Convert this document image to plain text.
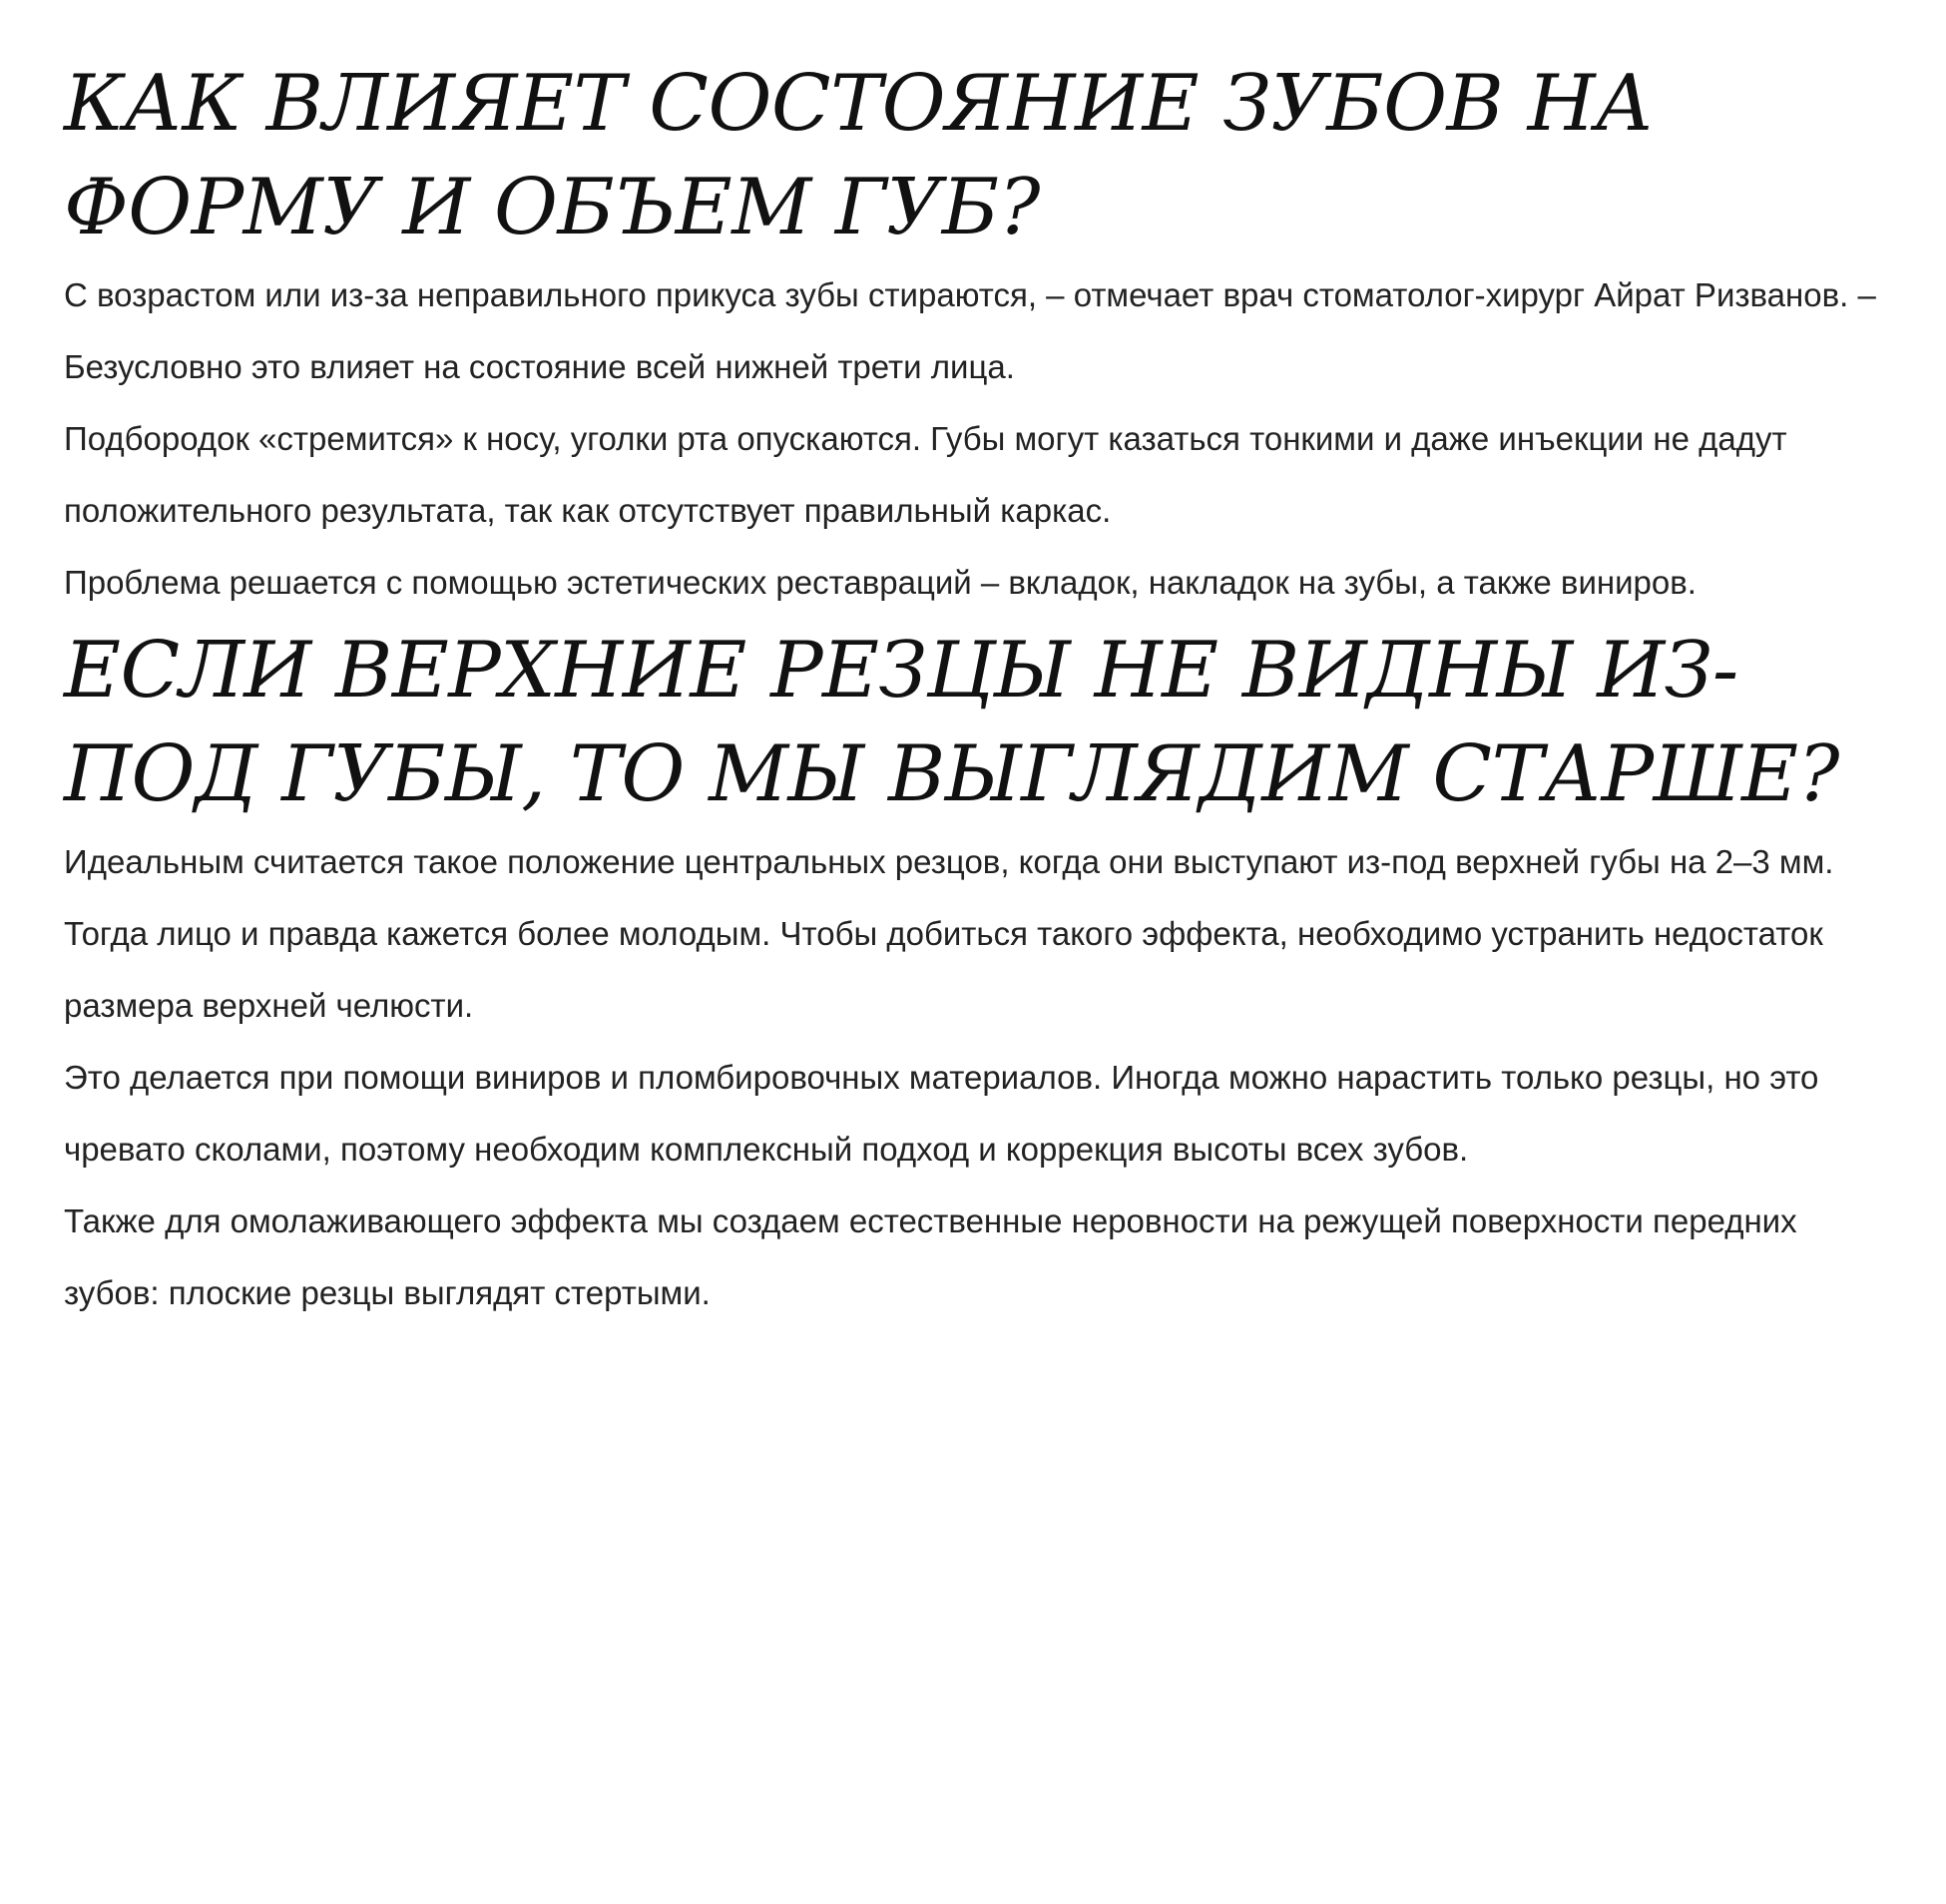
КАК ВЛИЯЕТ СОСТОЯНИЕ ЗУБОВ НА ФОРМУ И ОБЪЕМ ГУБ?

С возрастом или из-за неправильного прикуса зубы стираются, – отмечает врач стоматолог-хирург Айрат Ризванов. – Безусловно это влияет на состояние всей нижней трети лица.

Подбородок «стремится» к носу, уголки рта опускаются. Губы могут казаться тонкими и даже инъекции не дадут положительного результата, так как отсутствует правильный каркас.

Проблема решается с помощью эстетических реставраций – вкладок, накладок на зубы, а также виниров.

ЕСЛИ ВЕРХНИЕ РЕЗЦЫ НЕ ВИДНЫ ИЗ-ПОД ГУБЫ, ТО МЫ ВЫГЛЯДИМ СТАРШЕ?

Идеальным считается такое положение центральных резцов, когда они выступают из-под верхней губы на 2–3 мм. Тогда лицо и правда кажется более молодым. Чтобы добиться такого эффекта, необходимо устранить недостаток размера верхней челюсти.

Это делается при помощи виниров и пломбировочных материалов. Иногда можно нарастить только резцы, но это чревато сколами, поэтому необходим комплексный подход и коррекция высоты всех зубов.

Также для омолаживающего эффекта мы создаем естественные неровности на режущей поверхности передних зубов: плоские резцы выглядят стертыми.
